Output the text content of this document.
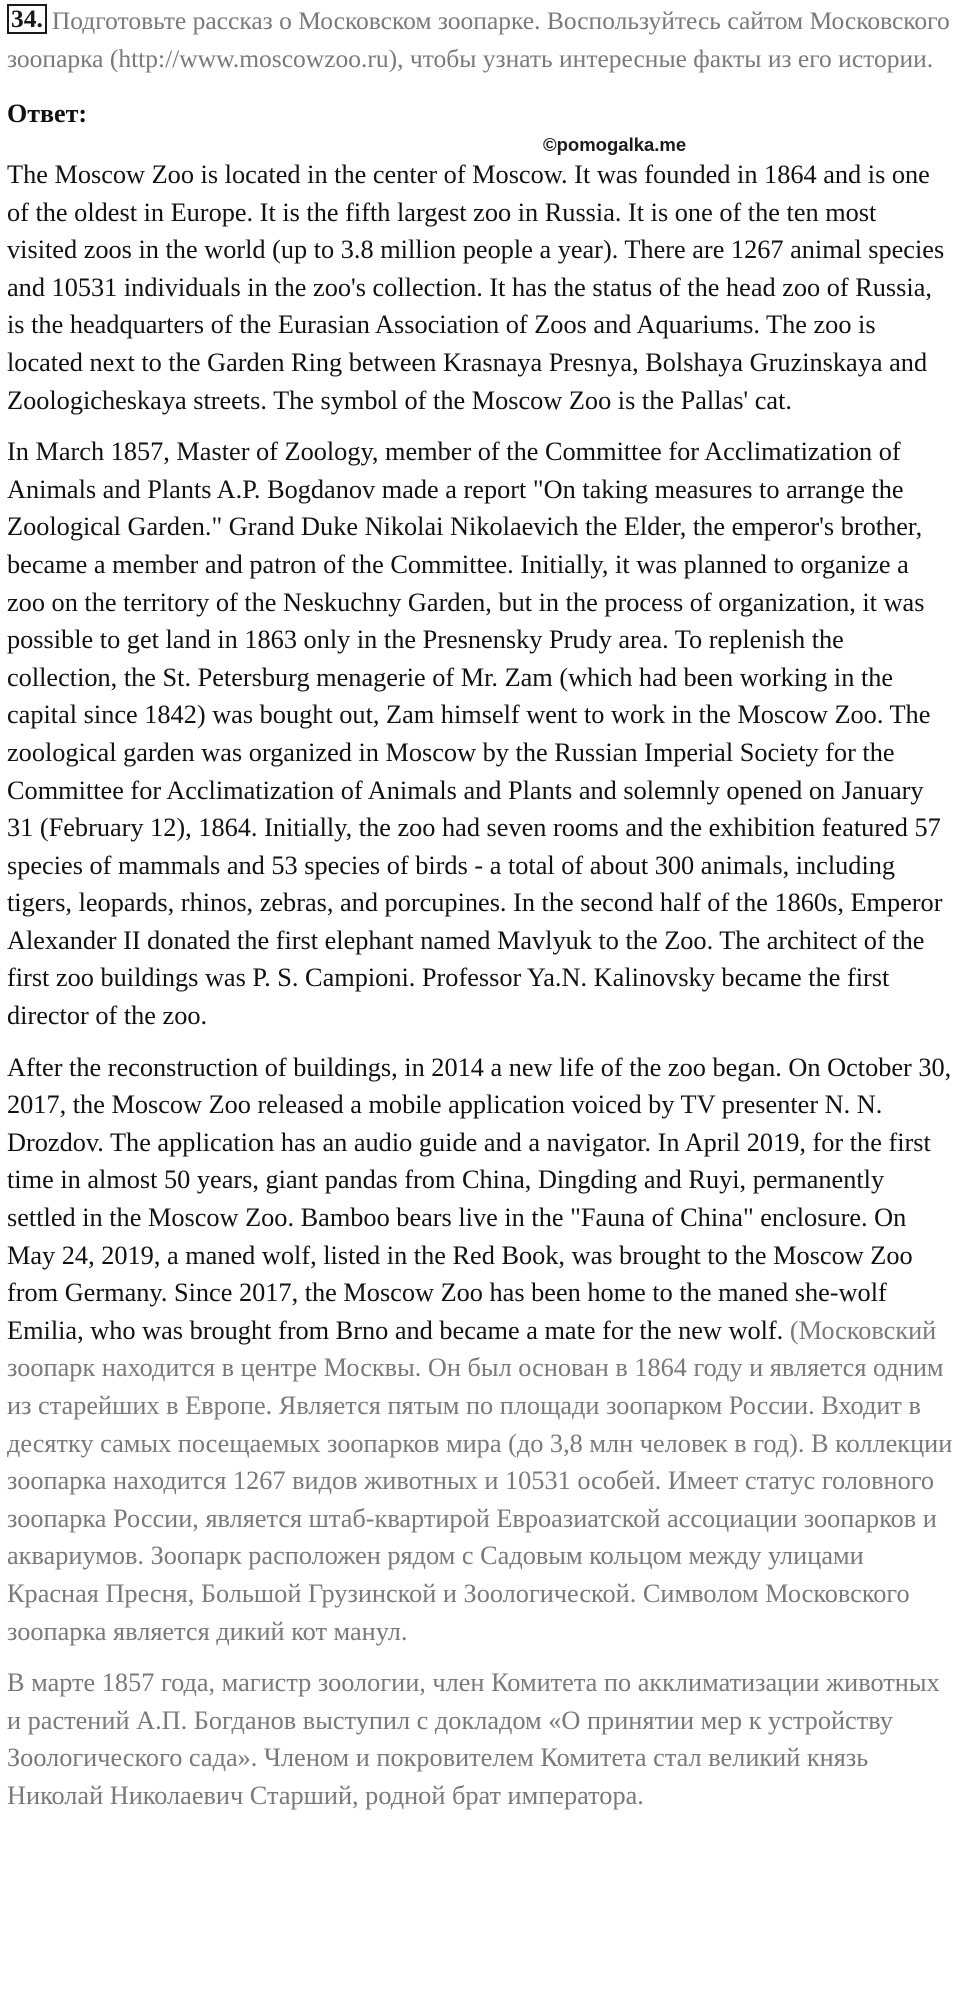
34. Подготовьте рассказ о Московском зоопарке. Воспользуйтесь сайтом Московского зоопарка (http://www.moscowzoo.ru), чтобы узнать интересные факты из его истории.

Ответ:

©pomogalka.me

The Moscow Zoo is located in the center of Moscow. It was founded in 1864 and is one of the oldest in Europe. It is the fifth largest zoo in Russia. It is one of the ten most visited zoos in the world (up to 3.8 million people a year). There are 1267 animal species and 10531 individuals in the zoo's collection. It has the status of the head zoo of Russia, is the headquarters of the Eurasian Association of Zoos and Aquariums. The zoo is located next to the Garden Ring between Krasnaya Presnya, Bolshaya Gruzinskaya and Zoologicheskaya streets. The symbol of the Moscow Zoo is the Pallas' cat.

In March 1857, Master of Zoology, member of the Committee for Acclimatization of Animals and Plants A.P. Bogdanov made a report "On taking measures to arrange the Zoological Garden." Grand Duke Nikolai Nikolaevich the Elder, the emperor's brother, became a member and patron of the Committee. Initially, it was planned to organize a zoo on the territory of the Neskuchny Garden, but in the process of organization, it was possible to get land in 1863 only in the Presnensky Prudy area. To replenish the collection, the St. Petersburg menagerie of Mr. Zam (which had been working in the capital since 1842) was bought out, Zam himself went to work in the Moscow Zoo. The zoological garden was organized in Moscow by the Russian Imperial Society for the Committee for Acclimatization of Animals and Plants and solemnly opened on January 31 (February 12), 1864. Initially, the zoo had seven rooms and the exhibition featured 57 species of mammals and 53 species of birds - a total of about 300 animals, including tigers, leopards, rhinos, zebras, and porcupines. In the second half of the 1860s, Emperor Alexander II donated the first elephant named Mavlyuk to the Zoo. The architect of the first zoo buildings was P. S. Campioni. Professor Ya.N. Kalinovsky became the first director of the zoo.

After the reconstruction of buildings, in 2014 a new life of the zoo began. On October 30, 2017, the Moscow Zoo released a mobile application voiced by TV presenter N. N. Drozdov. The application has an audio guide and a navigator. In April 2019, for the first time in almost 50 years, giant pandas from China, Dingding and Ruyi, permanently settled in the Moscow Zoo. Bamboo bears live in the "Fauna of China" enclosure. On May 24, 2019, a maned wolf, listed in the Red Book, was brought to the Moscow Zoo from Germany. Since 2017, the Moscow Zoo has been home to the maned she-wolf Emilia, who was brought from Brno and became a mate for the new wolf. (Московский зоопарк находится в центре Москвы. Он был основан в 1864 году и является одним из старейших в Европе. Является пятым по площади зоопарком России. Входит в десятку самых посещаемых зоопарков мира (до 3,8 млн человек в год). В коллекции зоопарка находится 1267 видов животных и 10531 особей. Имеет статус головного зоопарка России, является штаб-квартирой Евроазиатской ассоциации зоопарков и аквариумов. Зоопарк расположен рядом с Садовым кольцом между улицами Красная Пресня, Большой Грузинской и Зоологической. Символом Московского зоопарка является дикий кот манул.

В марте 1857 года, магистр зоологии, член Комитета по акклиматизации животных и растений А.П. Богданов выступил с докладом «О принятии мер к устройству Зоологического сада». Членом и покровителем Комитета стал великий князь Николай Николаевич Старший, родной брат императора.
